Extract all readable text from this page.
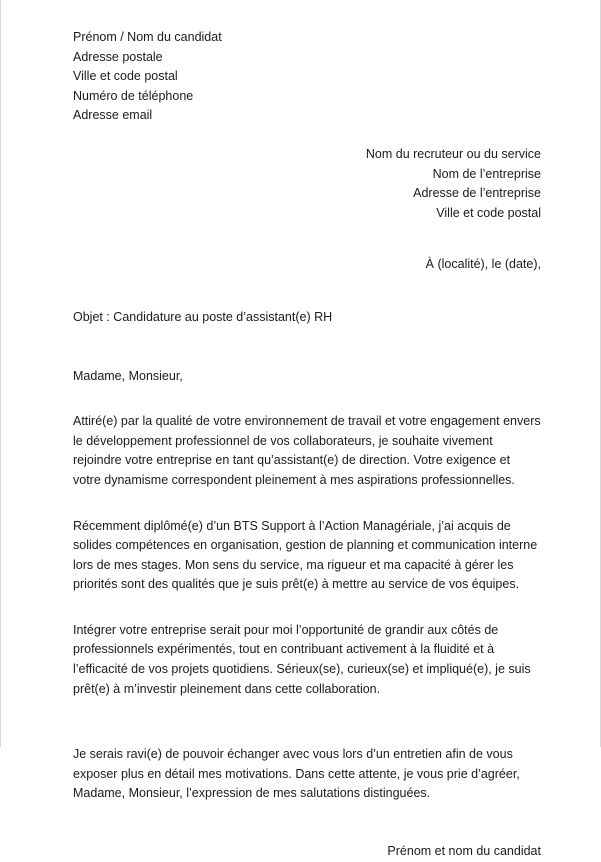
Prénom / Nom du candidat
Adresse postale
Ville et code postal
Numéro de téléphone
Adresse email
Nom du recruteur ou du service
Nom de l’entreprise
Adresse de l’entreprise
Ville et code postal
À (localité), le (date),
Objet : Candidature au poste d’assistant(e) RH
Madame, Monsieur,

Attiré(e) par la qualité de votre environnement de travail et votre engagement envers le développement professionnel de vos collaborateurs, je souhaite vivement rejoindre votre entreprise en tant qu’assistant(e) de direction. Votre exigence et votre dynamisme correspondent pleinement à mes aspirations professionnelles.

Récemment diplômé(e) d’un BTS Support à l’Action Managériale, j’ai acquis de solides compétences en organisation, gestion de planning et communication interne lors de mes stages. Mon sens du service, ma rigueur et ma capacité à gérer les priorités sont des qualités que je suis prêt(e) à mettre au service de vos équipes.

Intégrer votre entreprise serait pour moi l’opportunité de grandir aux côtés de professionnels expérimentés, tout en contribuant activement à la fluidité et à l’efficacité de vos projets quotidiens. Sérieux(se), curieux(se) et impliqué(e), je suis prêt(e) à m’investir pleinement dans cette collaboration.

Je serais ravi(e) de pouvoir échanger avec vous lors d’un entretien afin de vous exposer plus en détail mes motivations. Dans cette attente, je vous prie d’agréer, Madame, Monsieur, l’expression de mes salutations distinguées.

Prénom et nom du candidat
